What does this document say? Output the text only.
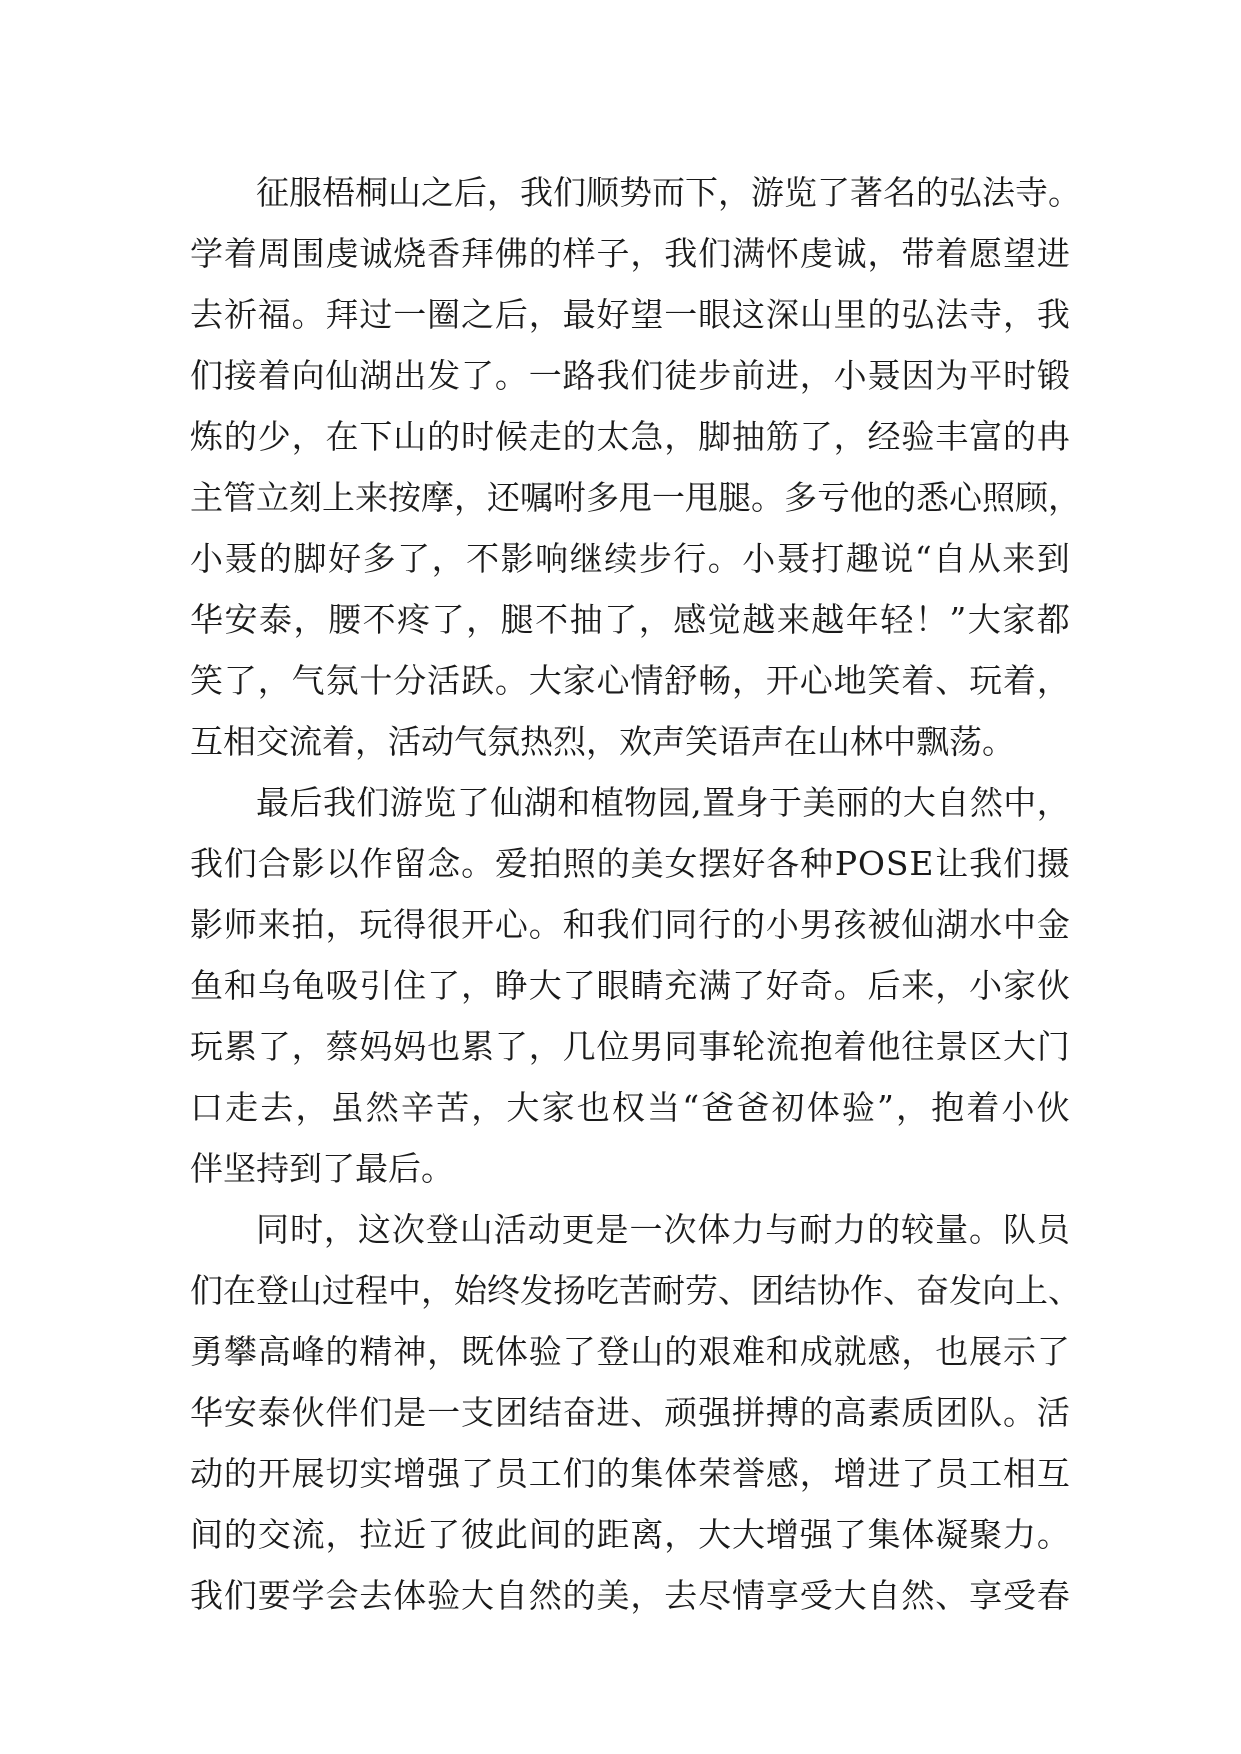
征 服 梧 桐 山 之 后 ， 我 们 顺 势 而 下 ， 游 览 了 著 名 的 弘 法 寺 。
学 着 周 围 虔 诚 烧 香 拜 佛 的 样 子 ， 我 们 满 怀 虔 诚 ， 带 着 愿 望 进
去 祈 福 。 拜 过 一 圈 之 后 ， 最 好 望 一 眼 这 深 山 里 的 弘 法 寺 ， 我
们 接 着 向 仙 湖 出 发 了 。 一 路 我 们 徒 步 前 进 ， 小 聂 因 为 平 时 锻
炼 的 少 ， 在 下 山 的 时 候 走 的 太 急 ， 脚 抽 筋 了 ， 经 验 丰 富 的 冉
主 管 立 刻 上 来 按 摩 ， 还 嘱 咐 多 甩 一 甩 腿 。 多 亏 他 的 悉 心 照 顾 ，
小 聂 的 脚 好 多 了 ， 不 影 响 继 续 步 行 。 小 聂 打 趣 说 “ 自 从 来 到
华 安 泰 ， 腰 不 疼 了 ， 腿 不 抽 了 ， 感 觉 越 来 越 年 轻 ！ ” 大 家 都
笑 了 ， 气 氛 十 分 活 跃 。 大 家 心 情 舒 畅 ， 开 心 地 笑 着 、 玩 着 ，
互相交流着，活动气氛热烈，欢声笑语声在山林中飘荡。
最 后 我 们 游 览 了 仙 湖 和 植 物 园 , 置 身 于 美 丽 的 大 自 然 中 ，
我 们 合 影 以 作 留 念 。 爱 拍 照 的 美 女 摆 好 各 种 P O S E 让 我 们 摄
影 师 来 拍 ， 玩 得 很 开 心 。 和 我 们 同 行 的 小 男 孩 被 仙 湖 水 中 金
鱼 和 乌 龟 吸 引 住 了 ， 睁 大 了 眼 睛 充 满 了 好 奇 。 后 来 ， 小 家 伙
玩 累 了 ， 蔡 妈 妈 也 累 了 ， 几 位 男 同 事 轮 流 抱 着 他 往 景 区 大 门
口 走 去 ， 虽 然 辛 苦 ， 大 家 也 权 当 “ 爸 爸 初 体 验 ” ， 抱 着 小 伙
伴坚持到了最后。
同 时 ， 这 次 登 山 活 动 更 是 一 次 体 力 与 耐 力 的 较 量 。 队 员
们 在 登 山 过 程 中 ， 始 终 发 扬 吃 苦 耐 劳 、 团 结 协 作 、 奋 发 向 上 、
勇 攀 高 峰 的 精 神 ， 既 体 验 了 登 山 的 艰 难 和 成 就 感 ， 也 展 示 了
华 安 泰 伙 伴 们 是 一 支 团 结 奋 进 、 顽 强 拼 搏 的 高 素 质 团 队 。 活
动 的 开 展 切 实 增 强 了 员 工 们 的 集 体 荣 誉 感 ， 增 进 了 员 工 相 互
间 的 交 流 ， 拉 近 了 彼 此 间 的 距 离 ， 大 大 增 强 了 集 体 凝 聚 力 。
我 们 要 学 会 去 体 验 大 自 然 的 美 ， 去 尽 情 享 受 大 自 然 、 享 受 春
